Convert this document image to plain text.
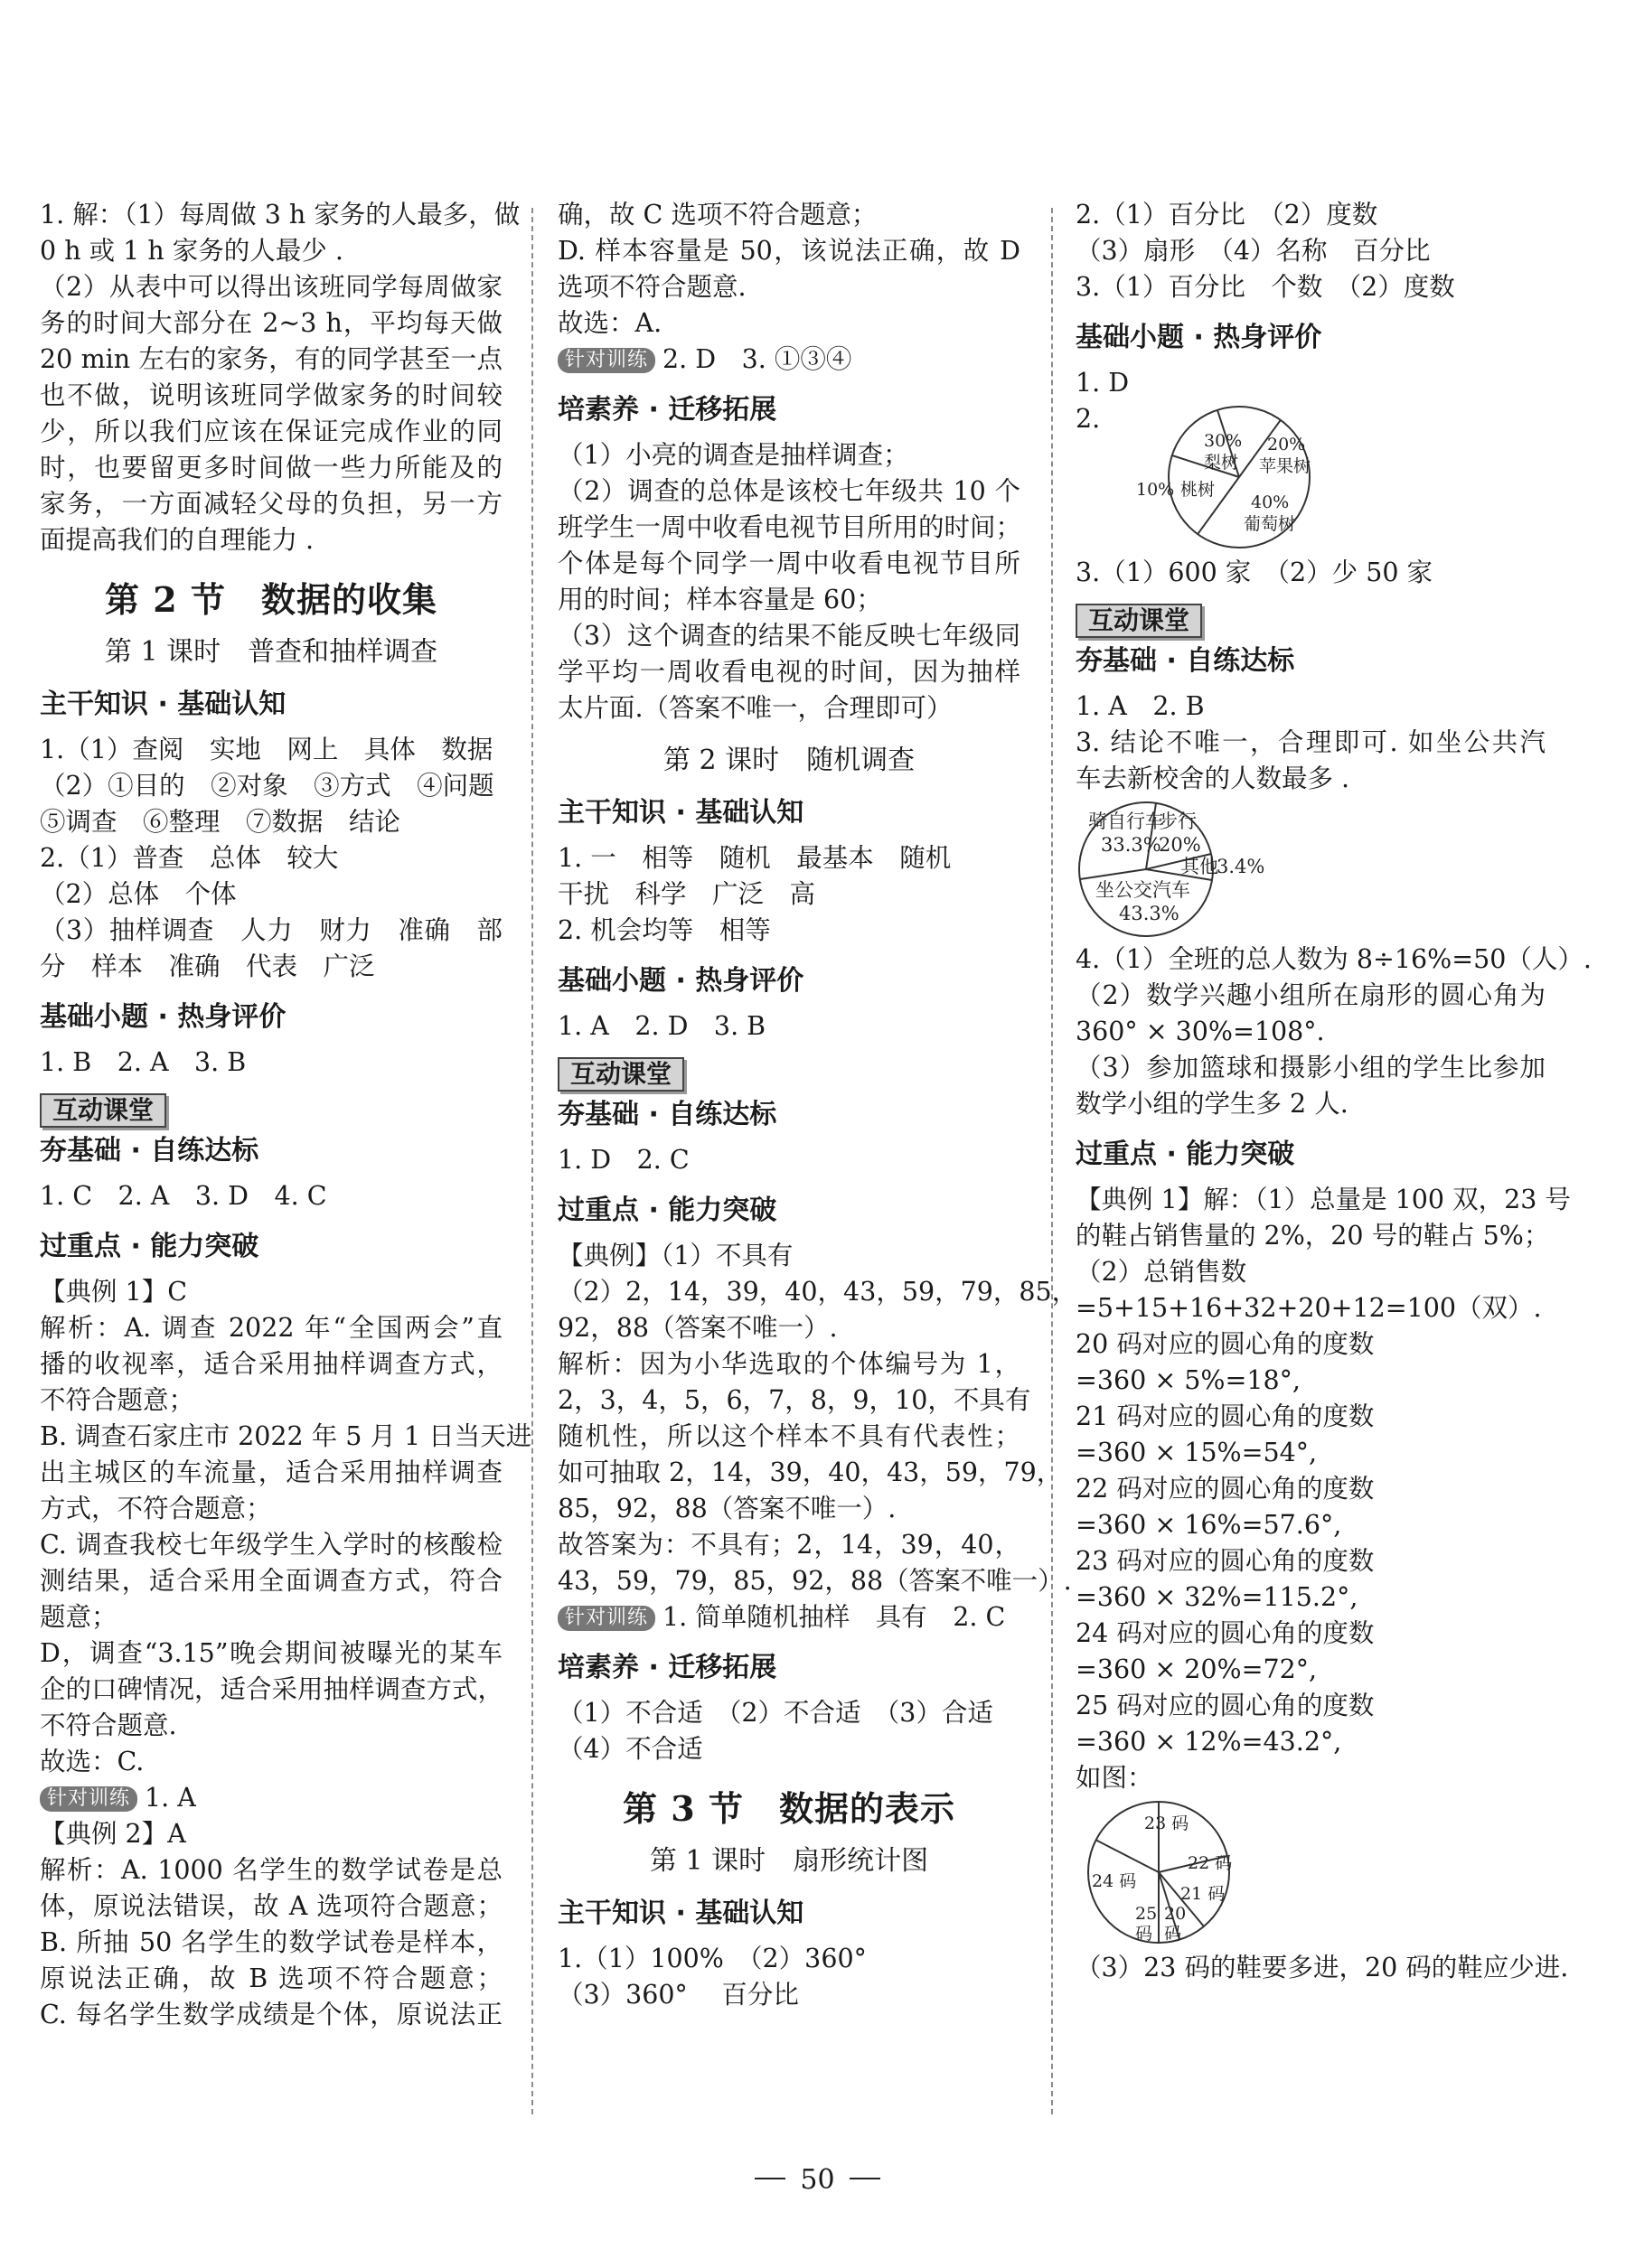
1. 解：（1）每周做 3 h 家务的人最多，做
0 h 或 1 h 家务的人最少 .
（2）从表中可以得出该班同学每周做家
务的时间大部分在 2~3 h，平均每天做
20 min 左右的家务，有的同学甚至一点
也不做，说明该班同学做家务的时间较
少，所以我们应该在保证完成作业的同
时，也要留更多时间做一些力所能及的
家务，一方面减轻父母的负担，另一方
面提高我们的自理能力 .
第 2 节　数据的收集
第 1 课时　普查和抽样调查
主干知识 · 基础认知
1.（1）查阅　实地　网上　具体　数据
（2）①目的　②对象　③方式　④问题
⑤调查　⑥整理　⑦数据　结论
2.（1）普查　总体　较大
（2）总体　个体
（3）抽样调查　人力　财力　准确　部
分　样本　准确　代表　广泛
基础小题 · 热身评价
1. B　2. A　3. B
互动课堂
夯基础 · 自练达标
1. C　2. A　3. D　4. C
过重点 · 能力突破
【典例 1】C
解析：A. 调查 2022 年“全国两会”直
播的收视率，适合采用抽样调查方式，
不符合题意；
B. 调查石家庄市 2022 年 5 月 1 日当天进
出主城区的车流量，适合采用抽样调查
方式，不符合题意；
C. 调查我校七年级学生入学时的核酸检
测结果，适合采用全面调查方式，符合
题意；
D，调查“3.15”晚会期间被曝光的某车
企的口碑情况，适合采用抽样调查方式，
不符合题意.
故选：C.
针对训练 1. A
【典例 2】A
解析：A. 1000 名学生的数学试卷是总
体，原说法错误，故 A 选项符合题意；
B. 所抽 50 名学生的数学试卷是样本，
原说法正确，故 B 选项不符合题意；
C. 每名学生数学成绩是个体，原说法正
确，故 C 选项不符合题意；
D. 样本容量是 50，该说法正确，故 D
选项不符合题意.
故选：A.
针对训练 2. D　3. ①③④
培素养 · 迁移拓展
（1）小亮的调查是抽样调查；
（2）调查的总体是该校七年级共 10 个
班学生一周中收看电视节目所用的时间；
个体是每个同学一周中收看电视节目所
用的时间；样本容量是 60；
（3）这个调查的结果不能反映七年级同
学平均一周收看电视的时间，因为抽样
太片面.（答案不唯一，合理即可）
第 2 课时　随机调查
主干知识 · 基础认知
1. 一　相等　随机　最基本　随机
干扰　科学　广泛　高
2. 机会均等　相等
基础小题 · 热身评价
1. A　2. D　3. B
互动课堂
夯基础 · 自练达标
1. D　2. C
过重点 · 能力突破
【典例】（1）不具有
（2）2，14，39，40，43，59，79，85，
92，88（答案不唯一）.
解析：因为小华选取的个体编号为 1，
2，3，4，5，6，7，8，9，10，不具有
随机性，所以这个样本不具有代表性；
如可抽取 2，14，39，40，43，59，79，
85，92，88（答案不唯一）.
故答案为：不具有；2，14，39，40，
43，59，79，85，92，88（答案不唯一）.
针对训练 1. 简单随机抽样　具有　2. C
培素养 · 迁移拓展
（1）不合适　（2）不合适　（3）合适
（4）不合适
第 3 节　数据的表示
第 1 课时　扇形统计图
主干知识 · 基础认知
1.（1）100%　（2）360°
（3）360°　 百分比
2.（1）百分比　（2）度数
（3）扇形　（4）名称　百分比
3.（1）百分比　个数　（2）度数
基础小题 · 热身评价
1. D
2.
30%
梨树
20%
苹果树
40%
葡萄树
10% 桃树
3.（1）600 家　（2）少 50 家
互动课堂
夯基础 · 自练达标
1. A　2. B
3. 结论不唯一，合理即可. 如坐公共汽
车去新校舍的人数最多 .
骑自行车
33.3%
步行
20%
其他
3.4%
坐公交汽车
43.3%
4.（1）全班的总人数为 8÷16%=50（人）.
（2）数学兴趣小组所在扇形的圆心角为
360° × 30%=108°.
（3）参加篮球和摄影小组的学生比参加
数学小组的学生多 2 人.
过重点 · 能力突破
【典例 1】解：（1）总量是 100 双，23 号
的鞋占销售量的 2%，20 号的鞋占 5%；
（2）总销售数
=5+15+16+32+20+12=100（双）.
20 码对应的圆心角的度数
=360 × 5%=18°,
21 码对应的圆心角的度数
=360 × 15%=54°,
22 码对应的圆心角的度数
=360 × 16%=57.6°,
23 码对应的圆心角的度数
=360 × 32%=115.2°,
24 码对应的圆心角的度数
=360 × 20%=72°,
25 码对应的圆心角的度数
=360 × 12%=43.2°,
如图：
23 码
22 码
21 码
20
码
25
码
24 码
（3）23 码的鞋要多进，20 码的鞋应少进.
50
